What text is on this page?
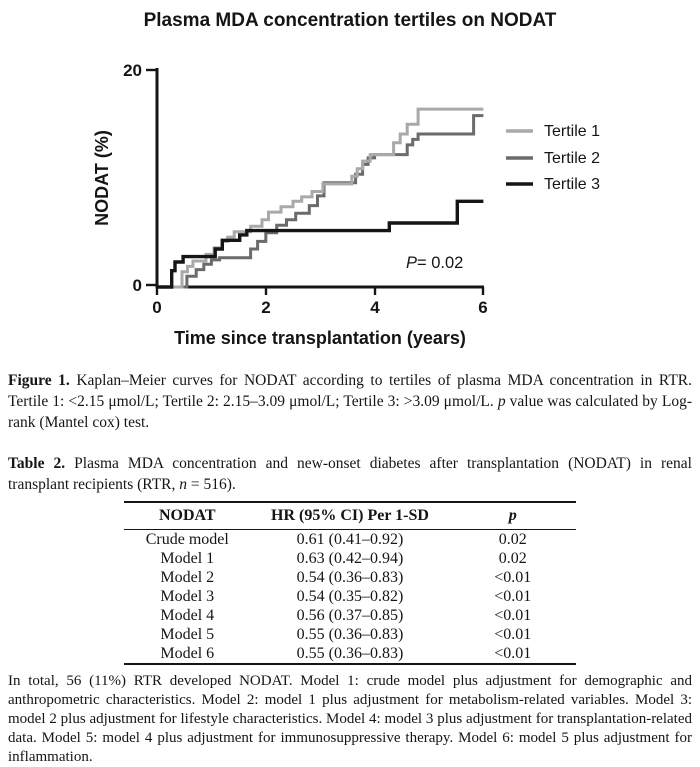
Plasma MDA concentration tertiles on NODAT
20
0
0	2	4	6
NODAT (%)
Time since transplantation (years)
Tertile 1
Tertile 2
Tertile 3
P= 0.02
Figure 1. Kaplan–Meier curves for NODAT according to tertiles of plasma MDA concentration in RTR. Tertile 1: <2.15 μmol/L; Tertile 2: 2.15–3.09 μmol/L; Tertile 3: >3.09 μmol/L. p value was calculated by Log-rank (Mantel cox) test.
Table 2. Plasma MDA concentration and new-onset diabetes after transplantation (NODAT) in renal transplant recipients (RTR, n = 516).
NODAT	HR (95% CI) Per 1-SD	p
Crude model	0.61 (0.41–0.92)	0.02
Model 1	0.63 (0.42–0.94)	0.02
Model 2	0.54 (0.36–0.83)	<0.01
Model 3	0.54 (0.35–0.82)	<0.01
Model 4	0.56 (0.37–0.85)	<0.01
Model 5	0.55 (0.36–0.83)	<0.01
Model 6	0.55 (0.36–0.83)	<0.01
In total, 56 (11%) RTR developed NODAT. Model 1: crude model plus adjustment for demographic and anthropometric characteristics. Model 2: model 1 plus adjustment for metabolism-related variables. Model 3: model 2 plus adjustment for lifestyle characteristics. Model 4: model 3 plus adjustment for transplantation-related data. Model 5: model 4 plus adjustment for immunosuppressive therapy. Model 6: model 5 plus adjustment for inflammation.
